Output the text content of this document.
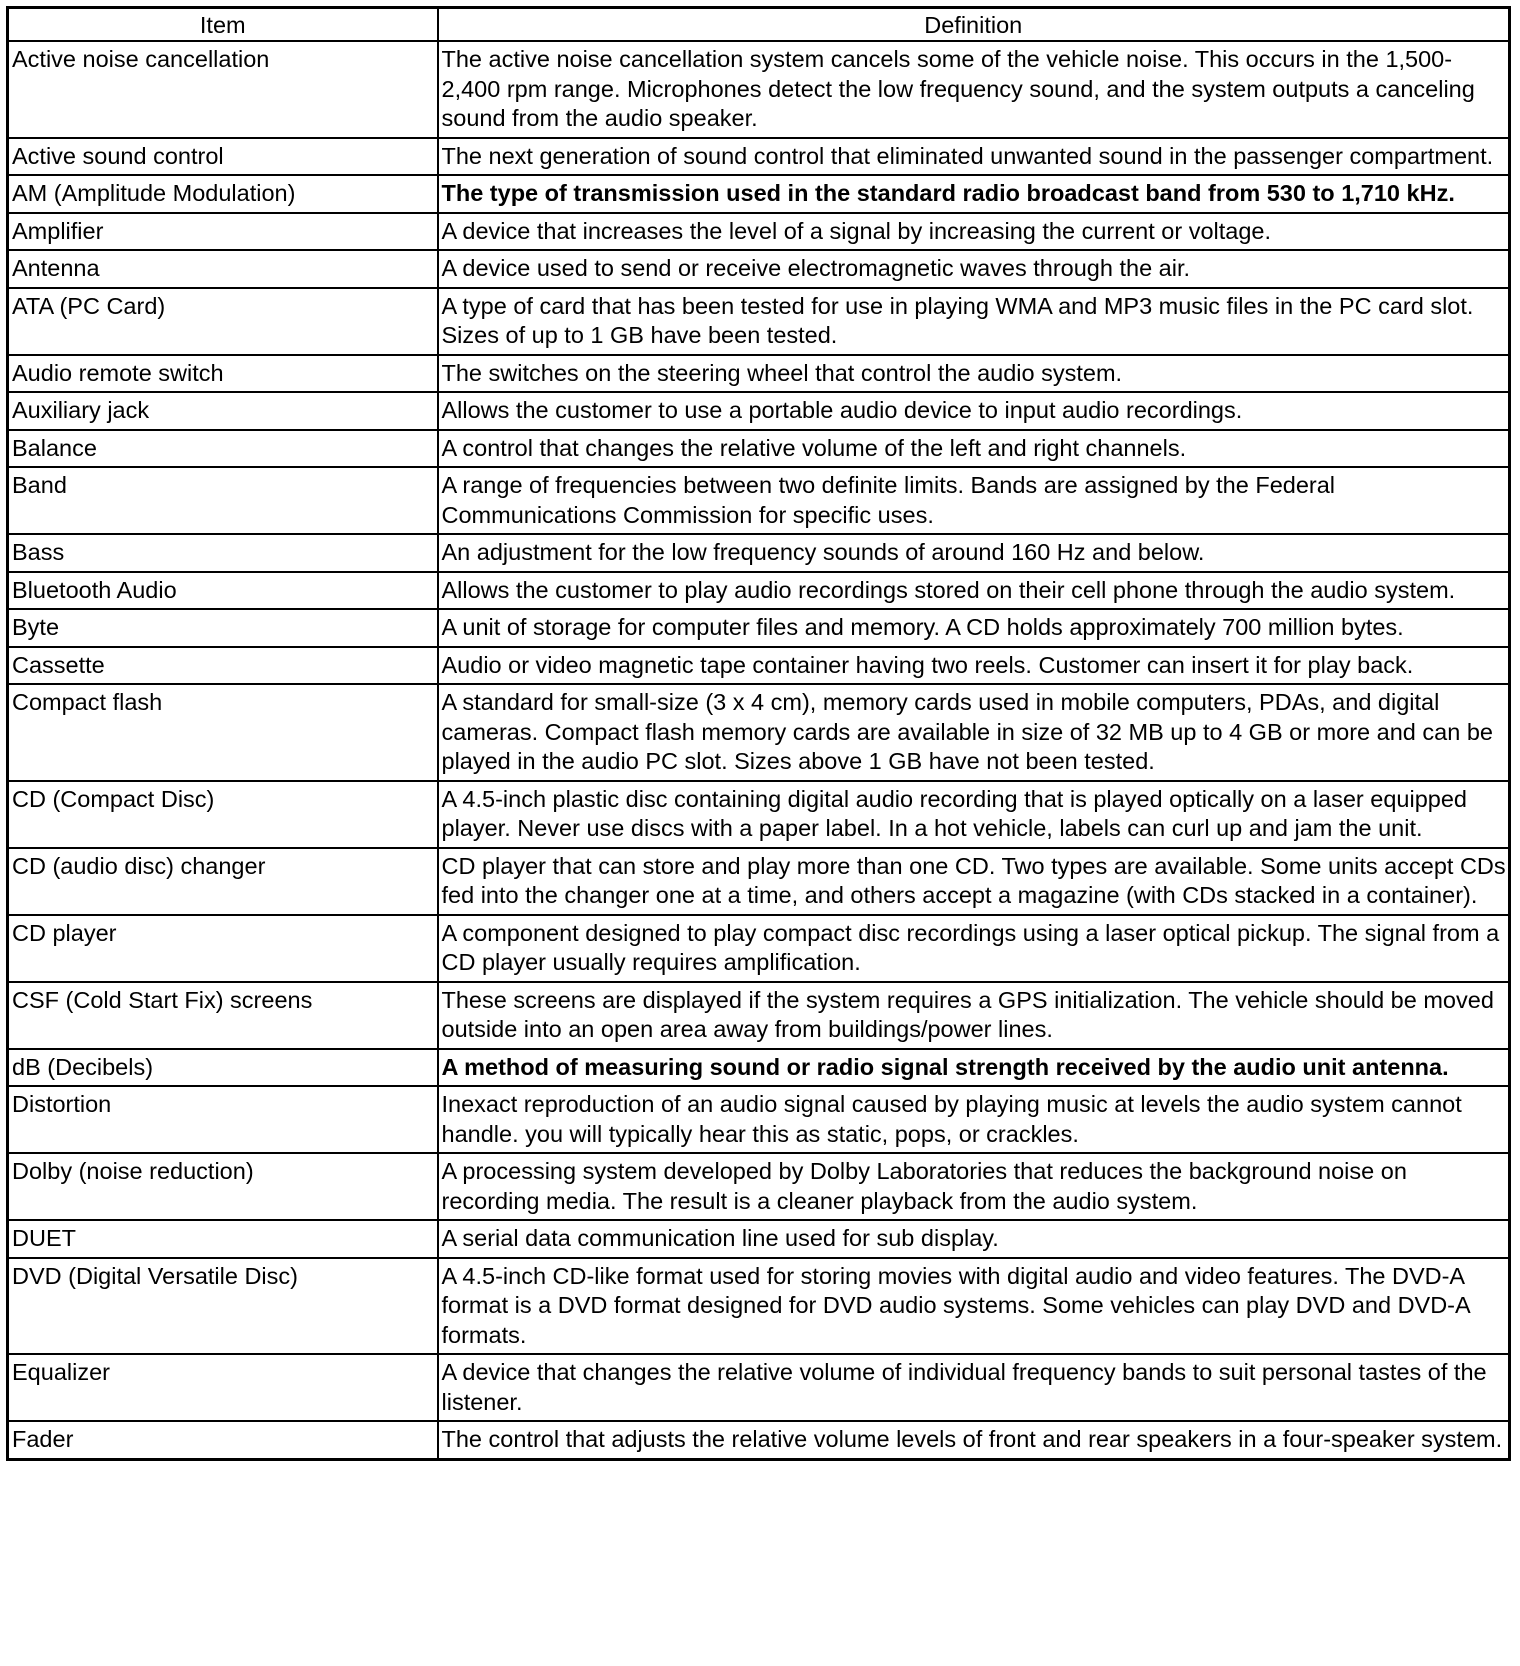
Item	Definition
Active noise cancellation	The active noise cancellation system cancels some of the vehicle noise. This occurs in the 1,500-2,400 rpm range. Microphones detect the low frequency sound, and the system outputs a canceling sound from the audio speaker.
Active sound control	The next generation of sound control that eliminated unwanted sound in the passenger compartment.
AM (Amplitude Modulation)	The type of transmission used in the standard radio broadcast band from 530 to 1,710 kHz.
Amplifier	A device that increases the level of a signal by increasing the current or voltage.
Antenna	A device used to send or receive electromagnetic waves through the air.
ATA (PC Card)	A type of card that has been tested for use in playing WMA and MP3 music files in the PC card slot. Sizes of up to 1 GB have been tested.
Audio remote switch	The switches on the steering wheel that control the audio system.
Auxiliary jack	Allows the customer to use a portable audio device to input audio recordings.
Balance	A control that changes the relative volume of the left and right channels.
Band	A range of frequencies between two definite limits. Bands are assigned by the Federal Communications Commission for specific uses.
Bass	An adjustment for the low frequency sounds of around 160 Hz and below.
Bluetooth Audio	Allows the customer to play audio recordings stored on their cell phone through the audio system.
Byte	A unit of storage for computer files and memory. A CD holds approximately 700 million bytes.
Cassette	Audio or video magnetic tape container having two reels. Customer can insert it for play back.
Compact flash	A standard for small-size (3 x 4 cm), memory cards used in mobile computers, PDAs, and digital cameras. Compact flash memory cards are available in size of 32 MB up to 4 GB or more and can be played in the audio PC slot. Sizes above 1 GB have not been tested.
CD (Compact Disc)	A 4.5-inch plastic disc containing digital audio recording that is played optically on a laser equipped player. Never use discs with a paper label. In a hot vehicle, labels can curl up and jam the unit.
CD (audio disc) changer	CD player that can store and play more than one CD. Two types are available. Some units accept CDs fed into the changer one at a time, and others accept a magazine (with CDs stacked in a container).
CD player	A component designed to play compact disc recordings using a laser optical pickup. The signal from a CD player usually requires amplification.
CSF (Cold Start Fix) screens	These screens are displayed if the system requires a GPS initialization. The vehicle should be moved outside into an open area away from buildings/power lines.
dB (Decibels)	A method of measuring sound or radio signal strength received by the audio unit antenna.
Distortion	Inexact reproduction of an audio signal caused by playing music at levels the audio system cannot handle. you will typically hear this as static, pops, or crackles.
Dolby (noise reduction)	A processing system developed by Dolby Laboratories that reduces the background noise on recording media. The result is a cleaner playback from the audio system.
DUET	A serial data communication line used for sub display.
DVD (Digital Versatile Disc)	A 4.5-inch CD-like format used for storing movies with digital audio and video features. The DVD-A format is a DVD format designed for DVD audio systems. Some vehicles can play DVD and DVD-A formats.
Equalizer	A device that changes the relative volume of individual frequency bands to suit personal tastes of the listener.
Fader	The control that adjusts the relative volume levels of front and rear speakers in a four-speaker system.
